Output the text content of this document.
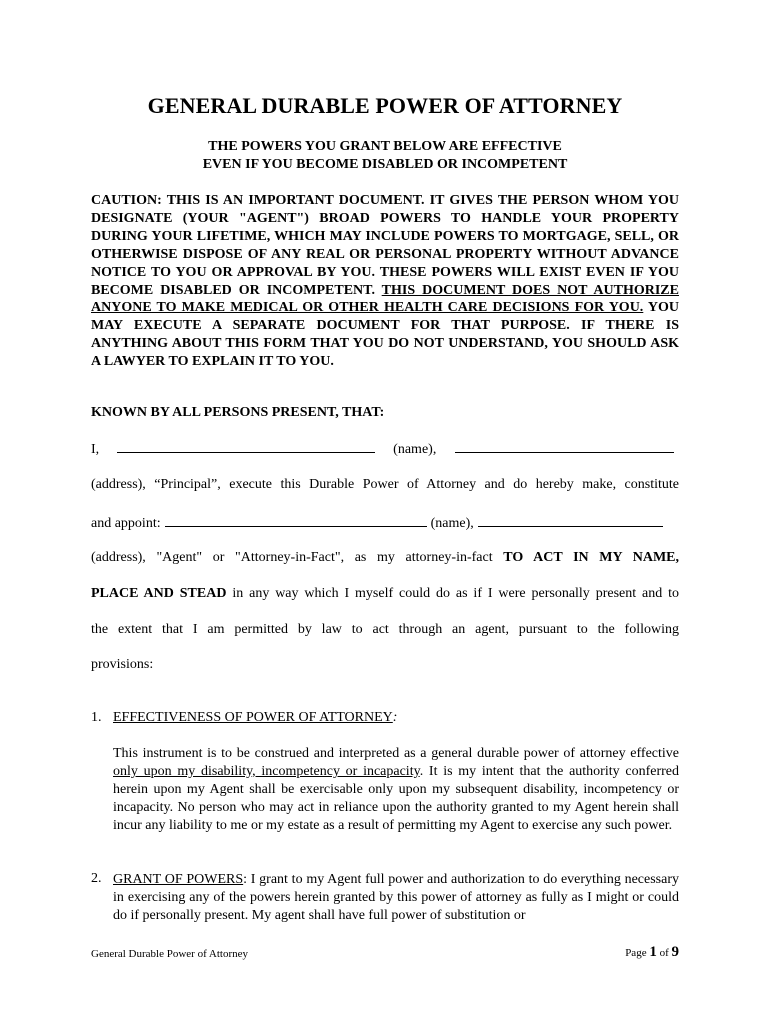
GENERAL DURABLE POWER OF ATTORNEY
THE POWERS YOU GRANT BELOW ARE EFFECTIVE
EVEN IF YOU BECOME DISABLED OR INCOMPETENT
CAUTION: THIS IS AN IMPORTANT DOCUMENT. IT GIVES THE PERSON WHOM YOU DESIGNATE (YOUR "AGENT") BROAD POWERS TO HANDLE YOUR PROPERTY DURING YOUR LIFETIME, WHICH MAY INCLUDE POWERS TO MORTGAGE, SELL, OR OTHERWISE DISPOSE OF ANY REAL OR PERSONAL PROPERTY WITHOUT ADVANCE NOTICE TO YOU OR APPROVAL BY YOU. THESE POWERS WILL EXIST EVEN IF YOU BECOME DISABLED OR INCOMPETENT. THIS DOCUMENT DOES NOT AUTHORIZE ANYONE TO MAKE MEDICAL OR OTHER HEALTH CARE DECISIONS FOR YOU. YOU MAY EXECUTE A SEPARATE DOCUMENT FOR THAT PURPOSE. IF THERE IS ANYTHING ABOUT THIS FORM THAT YOU DO NOT UNDERSTAND, YOU SHOULD ASK A LAWYER TO EXPLAIN IT TO YOU.
KNOWN BY ALL PERSONS PRESENT, THAT:
I,	(name),
(address), “Principal”, execute this Durable Power of Attorney and do hereby make, constitute
and appoint:	(name),
(address), "Agent" or "Attorney-in-Fact", as my attorney-in-fact TO ACT IN MY NAME,
PLACE AND STEAD in any way which I myself could do as if I were personally present and to
the extent that I am permitted by law to act through an agent, pursuant to the following
provisions:
1. EFFECTIVENESS OF POWER OF ATTORNEY:
This instrument is to be construed and interpreted as a general durable power of attorney effective only upon my disability, incompetency or incapacity. It is my intent that the authority conferred herein upon my Agent shall be exercisable only upon my subsequent disability, incompetency or incapacity. No person who may act in reliance upon the authority granted to my Agent herein shall incur any liability to me or my estate as a result of permitting my Agent to exercise any such power.
2. GRANT OF POWERS: I grant to my Agent full power and authorization to do everything necessary in exercising any of the powers herein granted by this power of attorney as fully as I might or could do if personally present. My agent shall have full power of substitution or
General Durable Power of Attorney	Page 1 of 9
